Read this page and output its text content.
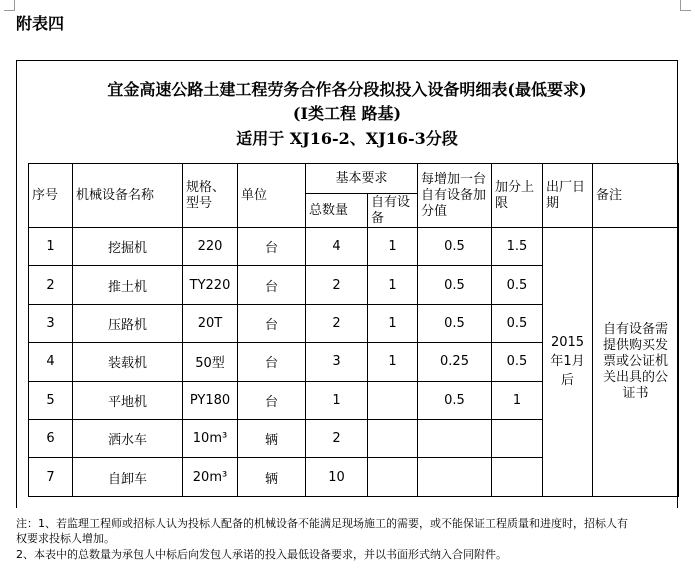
附表四
宜金高速公路土建工程劳务合作各分段拟投入设备明细表(最低要求)
(Ⅰ类工程 路基)
适用于 XJ16-2、XJ16-3分段
序号	机械设备名称	规格、型号	单位	基本要求		每增加一台自有设备加分值	加分上限	出厂日期	备注
				总数量	自有设备				
1	挖掘机	220	台	4	1	0.5	1.5	2015年1月后	自有设备需提供购买发票或公证机关出具的公证书
2	推土机	TY220	台	2	1	0.5	0.5		
3	压路机	20T	台	2	1	0.5	0.5		
4	装载机	50型	台	3	1	0.25	0.5		
5	平地机	PY180	台	1		0.5	1		
6	洒水车	10m³	辆	2					
7	自卸车	20m³	辆	10					
注：1、若监理工程师或招标人认为投标人配备的机械设备不能满足现场施工的需要，或不能保证工程质量和进度时，招标人有
权要求投标人增加。
2、本表中的总数量为承包人中标后向发包人承诺的投入最低设备要求，并以书面形式纳入合同附件。
